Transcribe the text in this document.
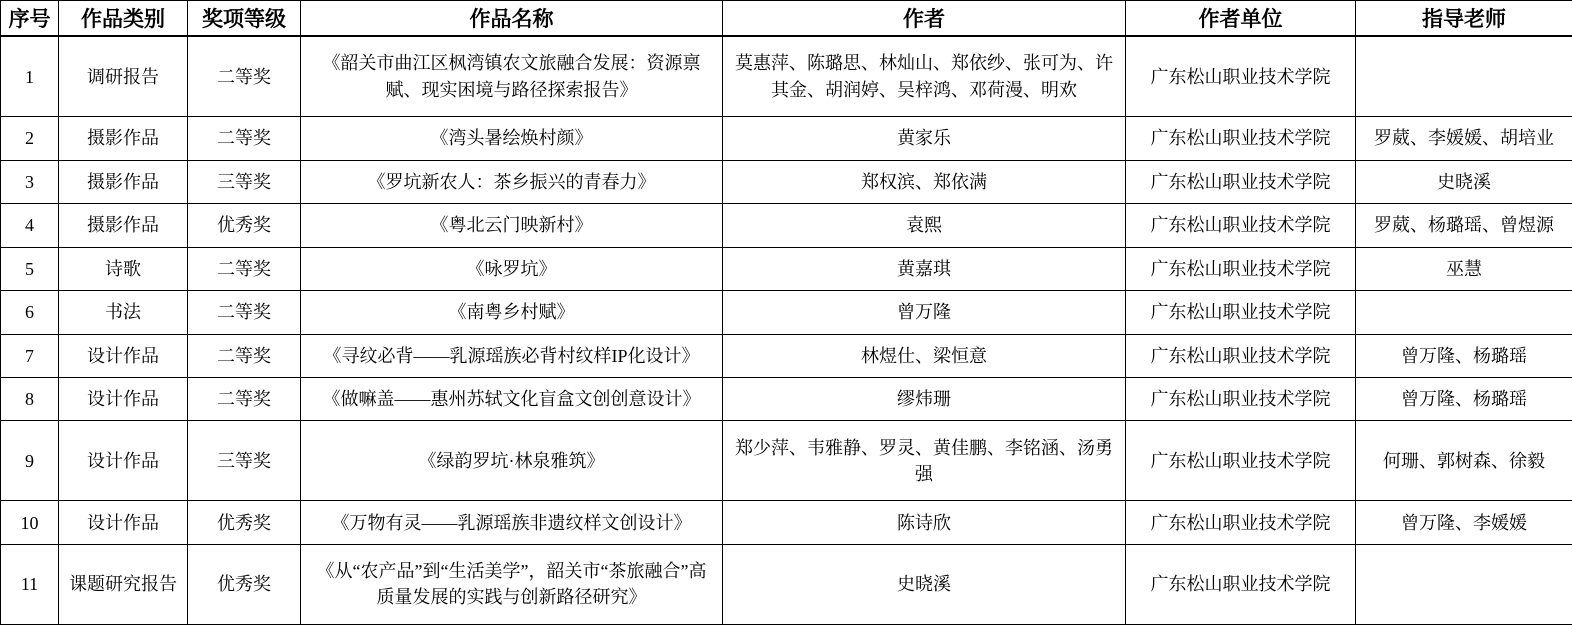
序号	作品类别	奖项等级	作品名称	作者	作者单位	指导老师
1	调研报告	二等奖	《韶关市曲江区枫湾镇农文旅融合发展：资源禀赋、现实困境与路径探索报告》	莫惠萍、陈璐思、林灿山、郑依纱、张可为、许其金、胡润婷、吴梓鸿、邓荷漫、明欢	广东松山职业技术学院	
2	摄影作品	二等奖	《湾头暑绘焕村颜》	黄家乐	广东松山职业技术学院	罗葳、李媛媛、胡培业
3	摄影作品	三等奖	《罗坑新农人：茶乡振兴的青春力》	郑权滨、郑依满	广东松山职业技术学院	史晓溪
4	摄影作品	优秀奖	《粤北云门映新村》	袁熙	广东松山职业技术学院	罗葳、杨璐瑶、曾煜源
5	诗歌	二等奖	《咏罗坑》	黄嘉琪	广东松山职业技术学院	巫慧
6	书法	二等奖	《南粤乡村赋》	曾万隆	广东松山职业技术学院	
7	设计作品	二等奖	《寻纹必背——乳源瑶族必背村纹样IP化设计》	林煜仕、梁恒意	广东松山职业技术学院	曾万隆、杨璐瑶
8	设计作品	二等奖	《做嘛盖——惠州苏轼文化盲盒文创创意设计》	缪炜珊	广东松山职业技术学院	曾万隆、杨璐瑶
9	设计作品	三等奖	《绿韵罗坑·林泉雅筑》	郑少萍、韦雅静、罗灵、黄佳鹏、李铭涵、汤勇强	广东松山职业技术学院	何珊、郭树森、徐毅
10	设计作品	优秀奖	《万物有灵——乳源瑶族非遗纹样文创设计》	陈诗欣	广东松山职业技术学院	曾万隆、李媛媛
11	课题研究报告	优秀奖	《从“农产品”到“生活美学”，韶关市“茶旅融合”高质量发展的实践与创新路径研究》	史晓溪	广东松山职业技术学院	
